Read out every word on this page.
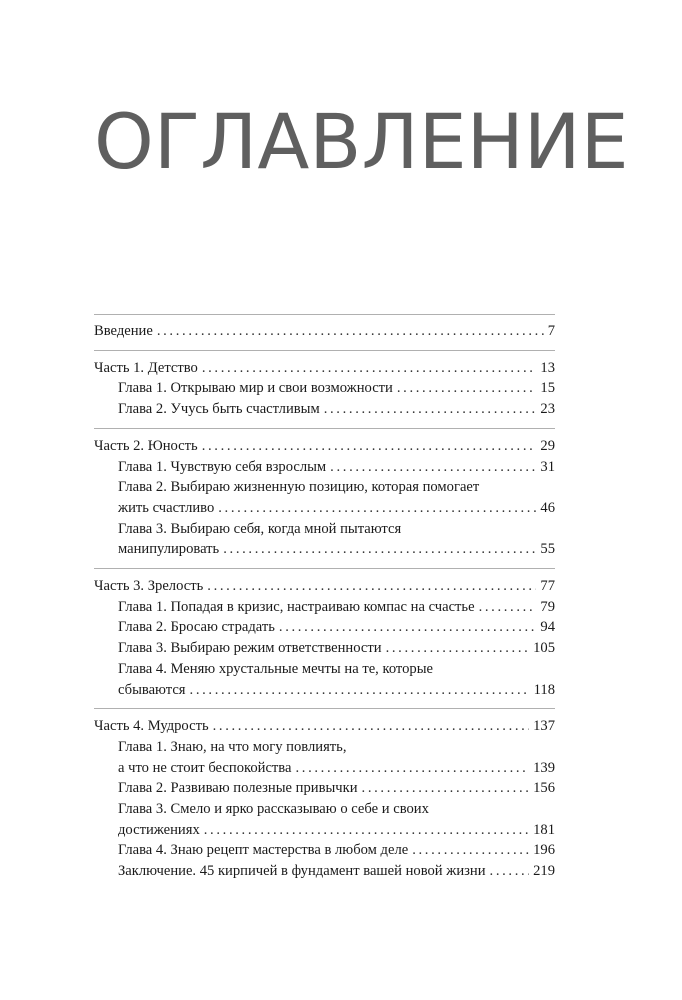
ОГЛАВЛЕНИЕ
Введение . . .	7
Часть 1. Детство . . .	13
Глава 1. Открываю мир и свои возможности . . .	15
Глава 2. Учусь быть счастливым . . .	23
Часть 2. Юность . . .	29
Глава 1. Чувствую себя взрослым . . .	31
Глава 2. Выбираю жизненную позицию, которая помогает
жить счастливо . . .	46
Глава 3. Выбираю себя, когда мной пытаются
манипулировать . . .	55
Часть 3. Зрелость . . .	77
Глава 1. Попадая в кризис, настраиваю компас на счастье . . .	79
Глава 2. Бросаю страдать . . .	94
Глава 3. Выбираю режим ответственности . . .	105
Глава 4. Меняю хрустальные мечты на те, которые
сбываются . . .	118
Часть 4. Мудрость . . .	137
Глава 1. Знаю, на что могу повлиять,
а что не стоит беспокойства . . .	139
Глава 2. Развиваю полезные привычки . . .	156
Глава 3. Смело и ярко рассказываю о себе и своих
достижениях . . .	181
Глава 4. Знаю рецепт мастерства в любом деле . . .	196
Заключение. 45 кирпичей в фундамент вашей новой жизни . . .	219
